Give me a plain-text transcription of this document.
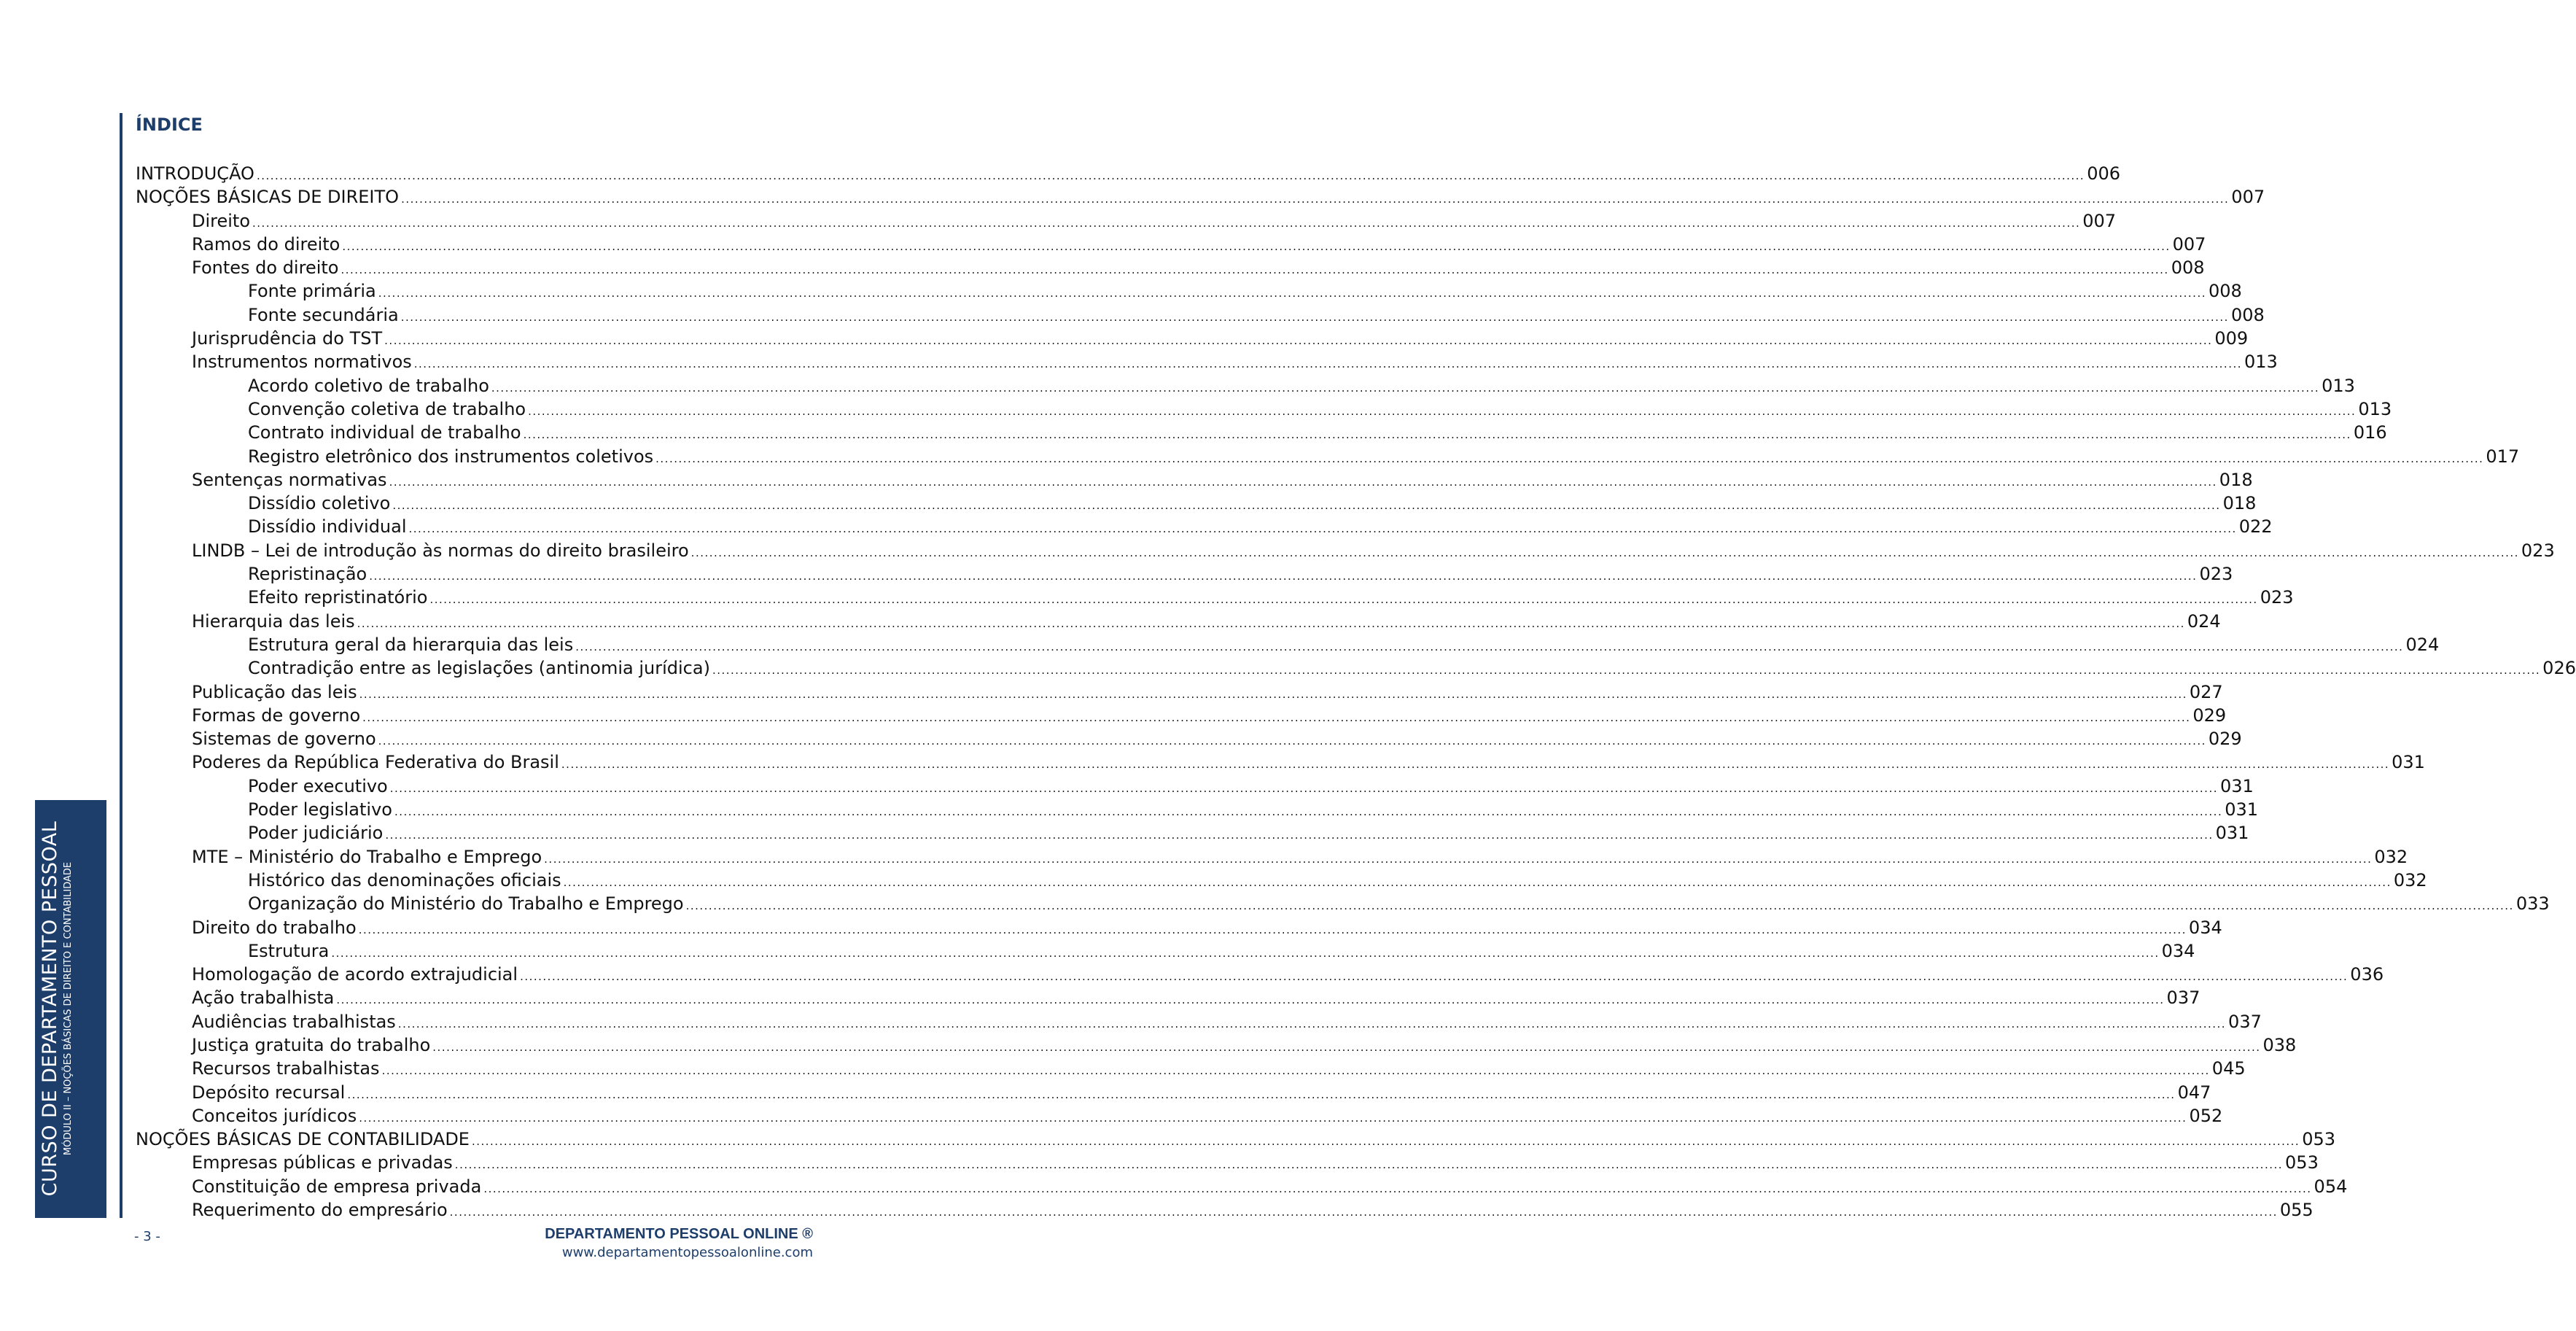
CURSO DE DEPARTAMENTO PESSOAL MÓDULO II – NOÇÕES BÁSICAS DE DIREITO E CONTABILIDADE
ÍNDICE
INTRODUÇÃO ................................................................................................................................................................................................................................................................................................................................................................................................................ 006
NOÇÕES BÁSICAS DE DIREITO ................................................................................................................................................................................................................................................................................................................................................................................................................ 007
Direito ................................................................................................................................................................................................................................................................................................................................................................................................................ 007
Ramos do direito ................................................................................................................................................................................................................................................................................................................................................................................................................ 007
Fontes do direito ................................................................................................................................................................................................................................................................................................................................................................................................................ 008
Fonte primária ................................................................................................................................................................................................................................................................................................................................................................................................................ 008
Fonte secundária ................................................................................................................................................................................................................................................................................................................................................................................................................ 008
Jurisprudência do TST ................................................................................................................................................................................................................................................................................................................................................................................................................ 009
Instrumentos normativos ................................................................................................................................................................................................................................................................................................................................................................................................................ 013
Acordo coletivo de trabalho ................................................................................................................................................................................................................................................................................................................................................................................................................ 013
Convenção coletiva de trabalho ................................................................................................................................................................................................................................................................................................................................................................................................................ 013
Contrato individual de trabalho ................................................................................................................................................................................................................................................................................................................................................................................................................ 016
Registro eletrônico dos instrumentos coletivos ................................................................................................................................................................................................................................................................................................................................................................................................................ 017
Sentenças normativas ................................................................................................................................................................................................................................................................................................................................................................................................................ 018
Dissídio coletivo ................................................................................................................................................................................................................................................................................................................................................................................................................ 018
Dissídio individual ................................................................................................................................................................................................................................................................................................................................................................................................................ 022
LINDB – Lei de introdução às normas do direito brasileiro ................................................................................................................................................................................................................................................................................................................................................................................................................ 023
Repristinação ................................................................................................................................................................................................................................................................................................................................................................................................................ 023
Efeito repristinatório ................................................................................................................................................................................................................................................................................................................................................................................................................ 023
Hierarquia das leis ................................................................................................................................................................................................................................................................................................................................................................................................................ 024
Estrutura geral da hierarquia das leis ................................................................................................................................................................................................................................................................................................................................................................................................................ 024
Contradição entre as legislações (antinomia jurídica) ................................................................................................................................................................................................................................................................................................................................................................................................................ 026
Publicação das leis ................................................................................................................................................................................................................................................................................................................................................................................................................ 027
Formas de governo ................................................................................................................................................................................................................................................................................................................................................................................................................ 029
Sistemas de governo ................................................................................................................................................................................................................................................................................................................................................................................................................ 029
Poderes da República Federativa do Brasil ................................................................................................................................................................................................................................................................................................................................................................................................................ 031
Poder executivo ................................................................................................................................................................................................................................................................................................................................................................................................................ 031
Poder legislativo ................................................................................................................................................................................................................................................................................................................................................................................................................ 031
Poder judiciário ................................................................................................................................................................................................................................................................................................................................................................................................................ 031
MTE – Ministério do Trabalho e Emprego ................................................................................................................................................................................................................................................................................................................................................................................................................ 032
Histórico das denominações oficiais ................................................................................................................................................................................................................................................................................................................................................................................................................ 032
Organização do Ministério do Trabalho e Emprego ................................................................................................................................................................................................................................................................................................................................................................................................................ 033
Direito do trabalho ................................................................................................................................................................................................................................................................................................................................................................................................................ 034
Estrutura ................................................................................................................................................................................................................................................................................................................................................................................................................ 034
Homologação de acordo extrajudicial ................................................................................................................................................................................................................................................................................................................................................................................................................ 036
Ação trabalhista ................................................................................................................................................................................................................................................................................................................................................................................................................ 037
Audiências trabalhistas ................................................................................................................................................................................................................................................................................................................................................................................................................ 037
Justiça gratuita do trabalho ................................................................................................................................................................................................................................................................................................................................................................................................................ 038
Recursos trabalhistas ................................................................................................................................................................................................................................................................................................................................................................................................................ 045
Depósito recursal ................................................................................................................................................................................................................................................................................................................................................................................................................ 047
Conceitos jurídicos ................................................................................................................................................................................................................................................................................................................................................................................................................ 052
NOÇÕES BÁSICAS DE CONTABILIDADE ................................................................................................................................................................................................................................................................................................................................................................................................................ 053
Empresas públicas e privadas ................................................................................................................................................................................................................................................................................................................................................................................................................ 053
Constituição de empresa privada ................................................................................................................................................................................................................................................................................................................................................................................................................ 054
Requerimento do empresário ................................................................................................................................................................................................................................................................................................................................................................................................................ 055
- 3 -	DEPARTAMENTO PESSOAL ONLINE ®
www.departamentopessoalonline.com
